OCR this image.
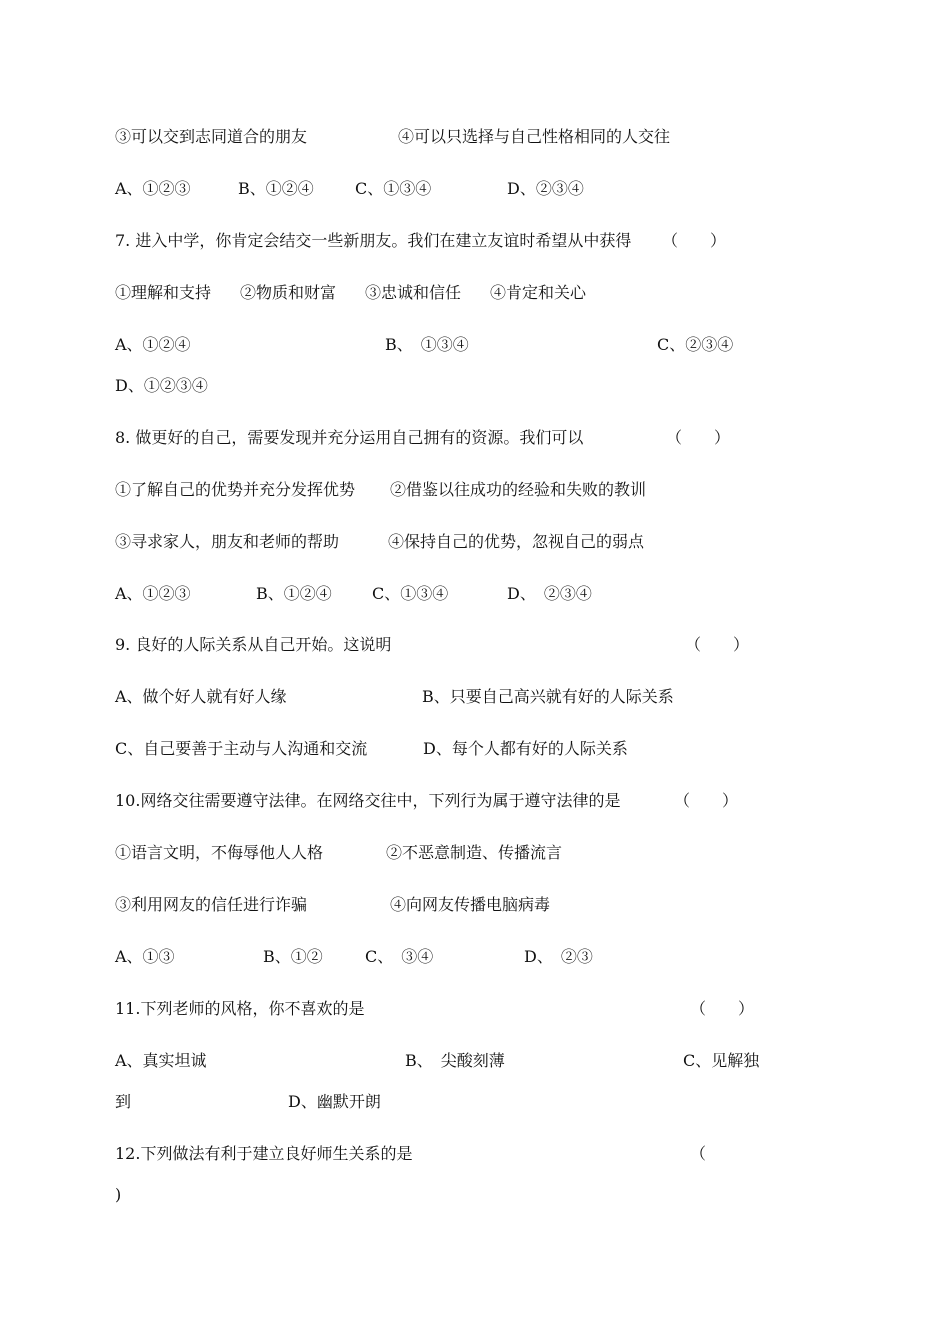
③可以交到志同道合的朋友	④可以只选择与自己性格相同的人交往
A、①②③	B、①②④	C、①③④	D、②③④
7. 进入中学，你肯定会结交一些新朋友。我们在建立友谊时希望从中获得 （　　）
①理解和支持 ②物质和财富 ③忠诚和信任 ④肯定和关心
A、①②④	B、　①③④	C、②③④
D、①②③④
8. 做更好的自己，需要发现并充分运用自己拥有的资源。我们可以	（　　）
①了解自己的优势并充分发挥优势 ②借鉴以往成功的经验和失败的教训
③寻求家人，朋友和老师的帮助	④保持自己的优势，忽视自己的弱点
A、①②③	B、①②④	C、①③④	D、　②③④
9. 良好的人际关系从自己开始。这说明	（　　）
A、做个好人就有好人缘	B、只要自己高兴就有好的人际关系
C、自己要善于主动与人沟通和交流	D、每个人都有好的人际关系
10.网络交往需要遵守法律。在网络交往中，下列行为属于遵守法律的是	（　　）
①语言文明，不侮辱他人人格	②不恶意制造、传播流言
③利用网友的信任进行诈骗	④向网友传播电脑病毒
A、①③	B、①②	C、　③④	D、　②③
11.下列老师的风格，你不喜欢的是	（　　）
A、真实坦诚	B、　尖酸刻薄	C、见解独
到	D、幽默开朗
12.下列做法有利于建立良好师生关系的是	（
)
